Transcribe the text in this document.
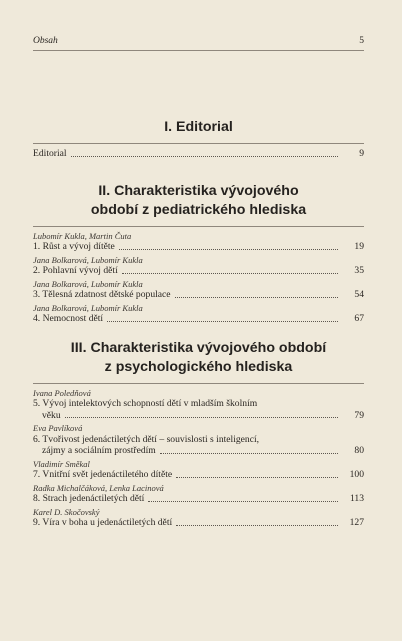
Obsah	5
I. Editorial
Editorial	9
II. Charakteristika vývojového
období z pediatrického hlediska
Lubomír Kukla, Martin Čuta
1. Růst a vývoj dítěte	19
Jana Bolkarová, Lubomír Kukla
2. Pohlavní vývoj dětí	35
Jana Bolkarová, Lubomír Kukla
3. Tělesná zdatnost dětské populace	54
Jana Bolkarová, Lubomír Kukla
4. Nemocnost dětí	67
III. Charakteristika vývojového období
z psychologického hlediska
Ivana Poledňová
5. Vývoj intelektových schopností dětí v mladším školním
věku	79
Eva Pavlíková
6. Tvořivost jedenáctiletých dětí – souvislosti s inteligencí,
zájmy a sociálním prostředím	80
Vladimír Směkal
7. Vnitřní svět jedenáctiletého dítěte	100
Radka Michalčáková, Lenka Lacinová
8. Strach jedenáctiletých dětí	113
Karel D. Skočovský
9. Víra v boha u jedenáctiletých dětí	127
